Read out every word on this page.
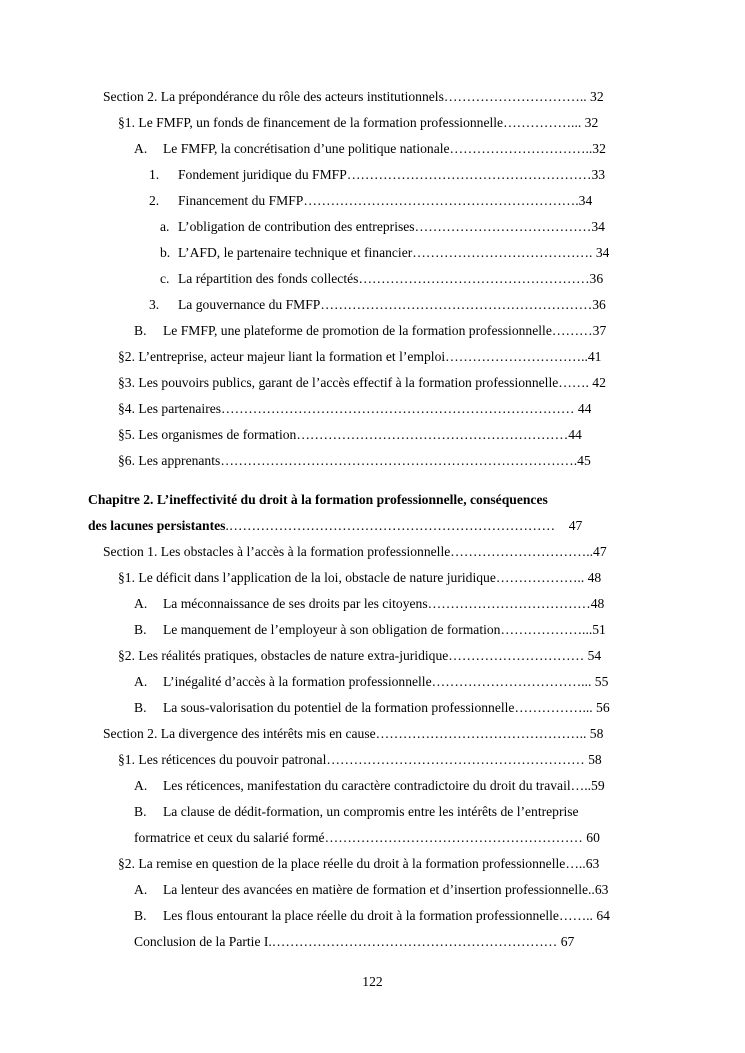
Section 2. La prépondérance du rôle des acteurs institutionnels………………………….. 32
§1. Le FMFP, un fonds de financement de la formation professionnelle……………... 32
A. Le FMFP, la concrétisation d’une politique nationale…………………………..32
1. Fondement juridique du FMFP………………………………………………33
2. Financement du FMFP…………………………………………………….34
a. L’obligation de contribution des entreprises…………………………………34
b. L’AFD, le partenaire technique et financier…………………………………. 34
c. La répartition des fonds collectés……………………………………………36
3. La gouvernance du FMFP……………………………………………………36
B. Le FMFP, une plateforme de promotion de la formation professionnelle………37
§2. L’entreprise, acteur majeur liant la formation et l’emploi…………………………..41
§3. Les pouvoirs publics, garant de l’accès effectif à la formation professionnelle……. 42
§4. Les partenaires…………………………………………………………………… 44
§5. Les organismes de formation……………………………………………………44
§6. Les apprenants…………………………………………………………………….45
Chapitre 2. L’ineffectivité du droit à la formation professionnelle, conséquences
des lacunes persistantes.……………………………………………………………… 47
Section 1. Les obstacles à l’accès à la formation professionnelle…………………………..47
§1. Le déficit dans l’application de la loi, obstacle de nature juridique……………….. 48
A. La méconnaissance de ses droits par les citoyens………………………………48
B. Le manquement de l’employeur à son obligation de formation………………...51
§2. Les réalités pratiques, obstacles de nature extra-juridique………………………… 54
A. L’inégalité d’accès à la formation professionnelle……………………………... 55
B. La sous-valorisation du potentiel de la formation professionnelle……………... 56
Section 2. La divergence des intérêts mis en cause……………………………………….. 58
§1. Les réticences du pouvoir patronal………………………………………………… 58
A. Les réticences, manifestation du caractère contradictoire du droit du travail…..59
B. La clause de dédit-formation, un compromis entre les intérêts de l’entreprise
formatrice et ceux du salarié formé………………………………………………… 60
§2. La remise en question de la place réelle du droit à la formation professionnelle…..63
A. La lenteur des avancées en matière de formation et d’insertion professionnelle..63
B. Les flous entourant la place réelle du droit à la formation professionnelle…….. 64
Conclusion de la Partie I.……………………………………………………… 67
122
